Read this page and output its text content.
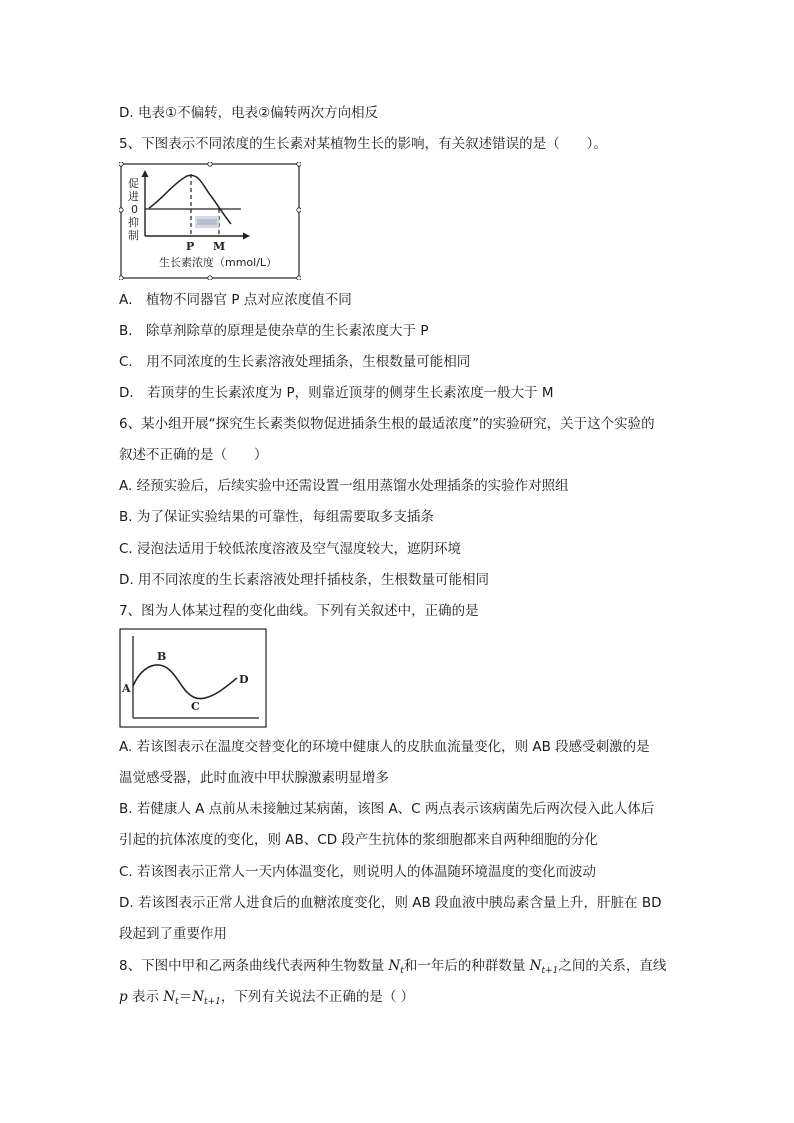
D. 电表①不偏转，电表②偏转两次方向相反
5、下图表示不同浓度的生长素对某植物生长的影响，有关叙述错误的是（　　）。
促
进
0
抑
制
P M
生长素浓度（mmol/L）
A． 植物不同器官 P 点对应浓度值不同
B． 除草剂除草的原理是使杂草的生长素浓度大于 P
C． 用不同浓度的生长素溶液处理插条，生根数量可能相同
D． 若顶芽的生长素浓度为 P，则靠近顶芽的侧芽生长素浓度一般大于 M
6、某小组开展“探究生长素类似物促进插条生根的最适浓度”的实验研究，关于这个实验的
叙述不正确的是（　　）
A. 经预实验后，后续实验中还需设置一组用蒸馏水处理插条的实验作对照组
B. 为了保证实验结果的可靠性，每组需要取多支插条
C. 浸泡法适用于较低浓度溶液及空气湿度较大，遮阴环境
D. 用不同浓度的生长素溶液处理扦插枝条，生根数量可能相同
7、图为人体某过程的变化曲线。下列有关叙述中，正确的是
A
B
C
D
A. 若该图表示在温度交替变化的环境中健康人的皮肤血流量变化，则 AB 段感受刺激的是
温觉感受器，此时血液中甲状腺激素明显增多
B. 若健康人 A 点前从未接触过某病菌，该图 A、C 两点表示该病菌先后两次侵入此人体后
引起的抗体浓度的变化，则 AB、CD 段产生抗体的浆细胞都来自两种细胞的分化
C. 若该图表示正常人一天内体温变化，则说明人的体温随环境温度的变化而波动
D. 若该图表示正常人进食后的血糖浓度变化，则 AB 段血液中胰岛素含量上升，肝脏在 BD
段起到了重要作用
8、下图中甲和乙两条曲线代表两种生物数量 $N_t$和一年后的种群数量 $N_{t+1}$之间的关系，直线
p 表示 $N_t=N_{t+1}$，下列有关说法不正确的是（ ）
